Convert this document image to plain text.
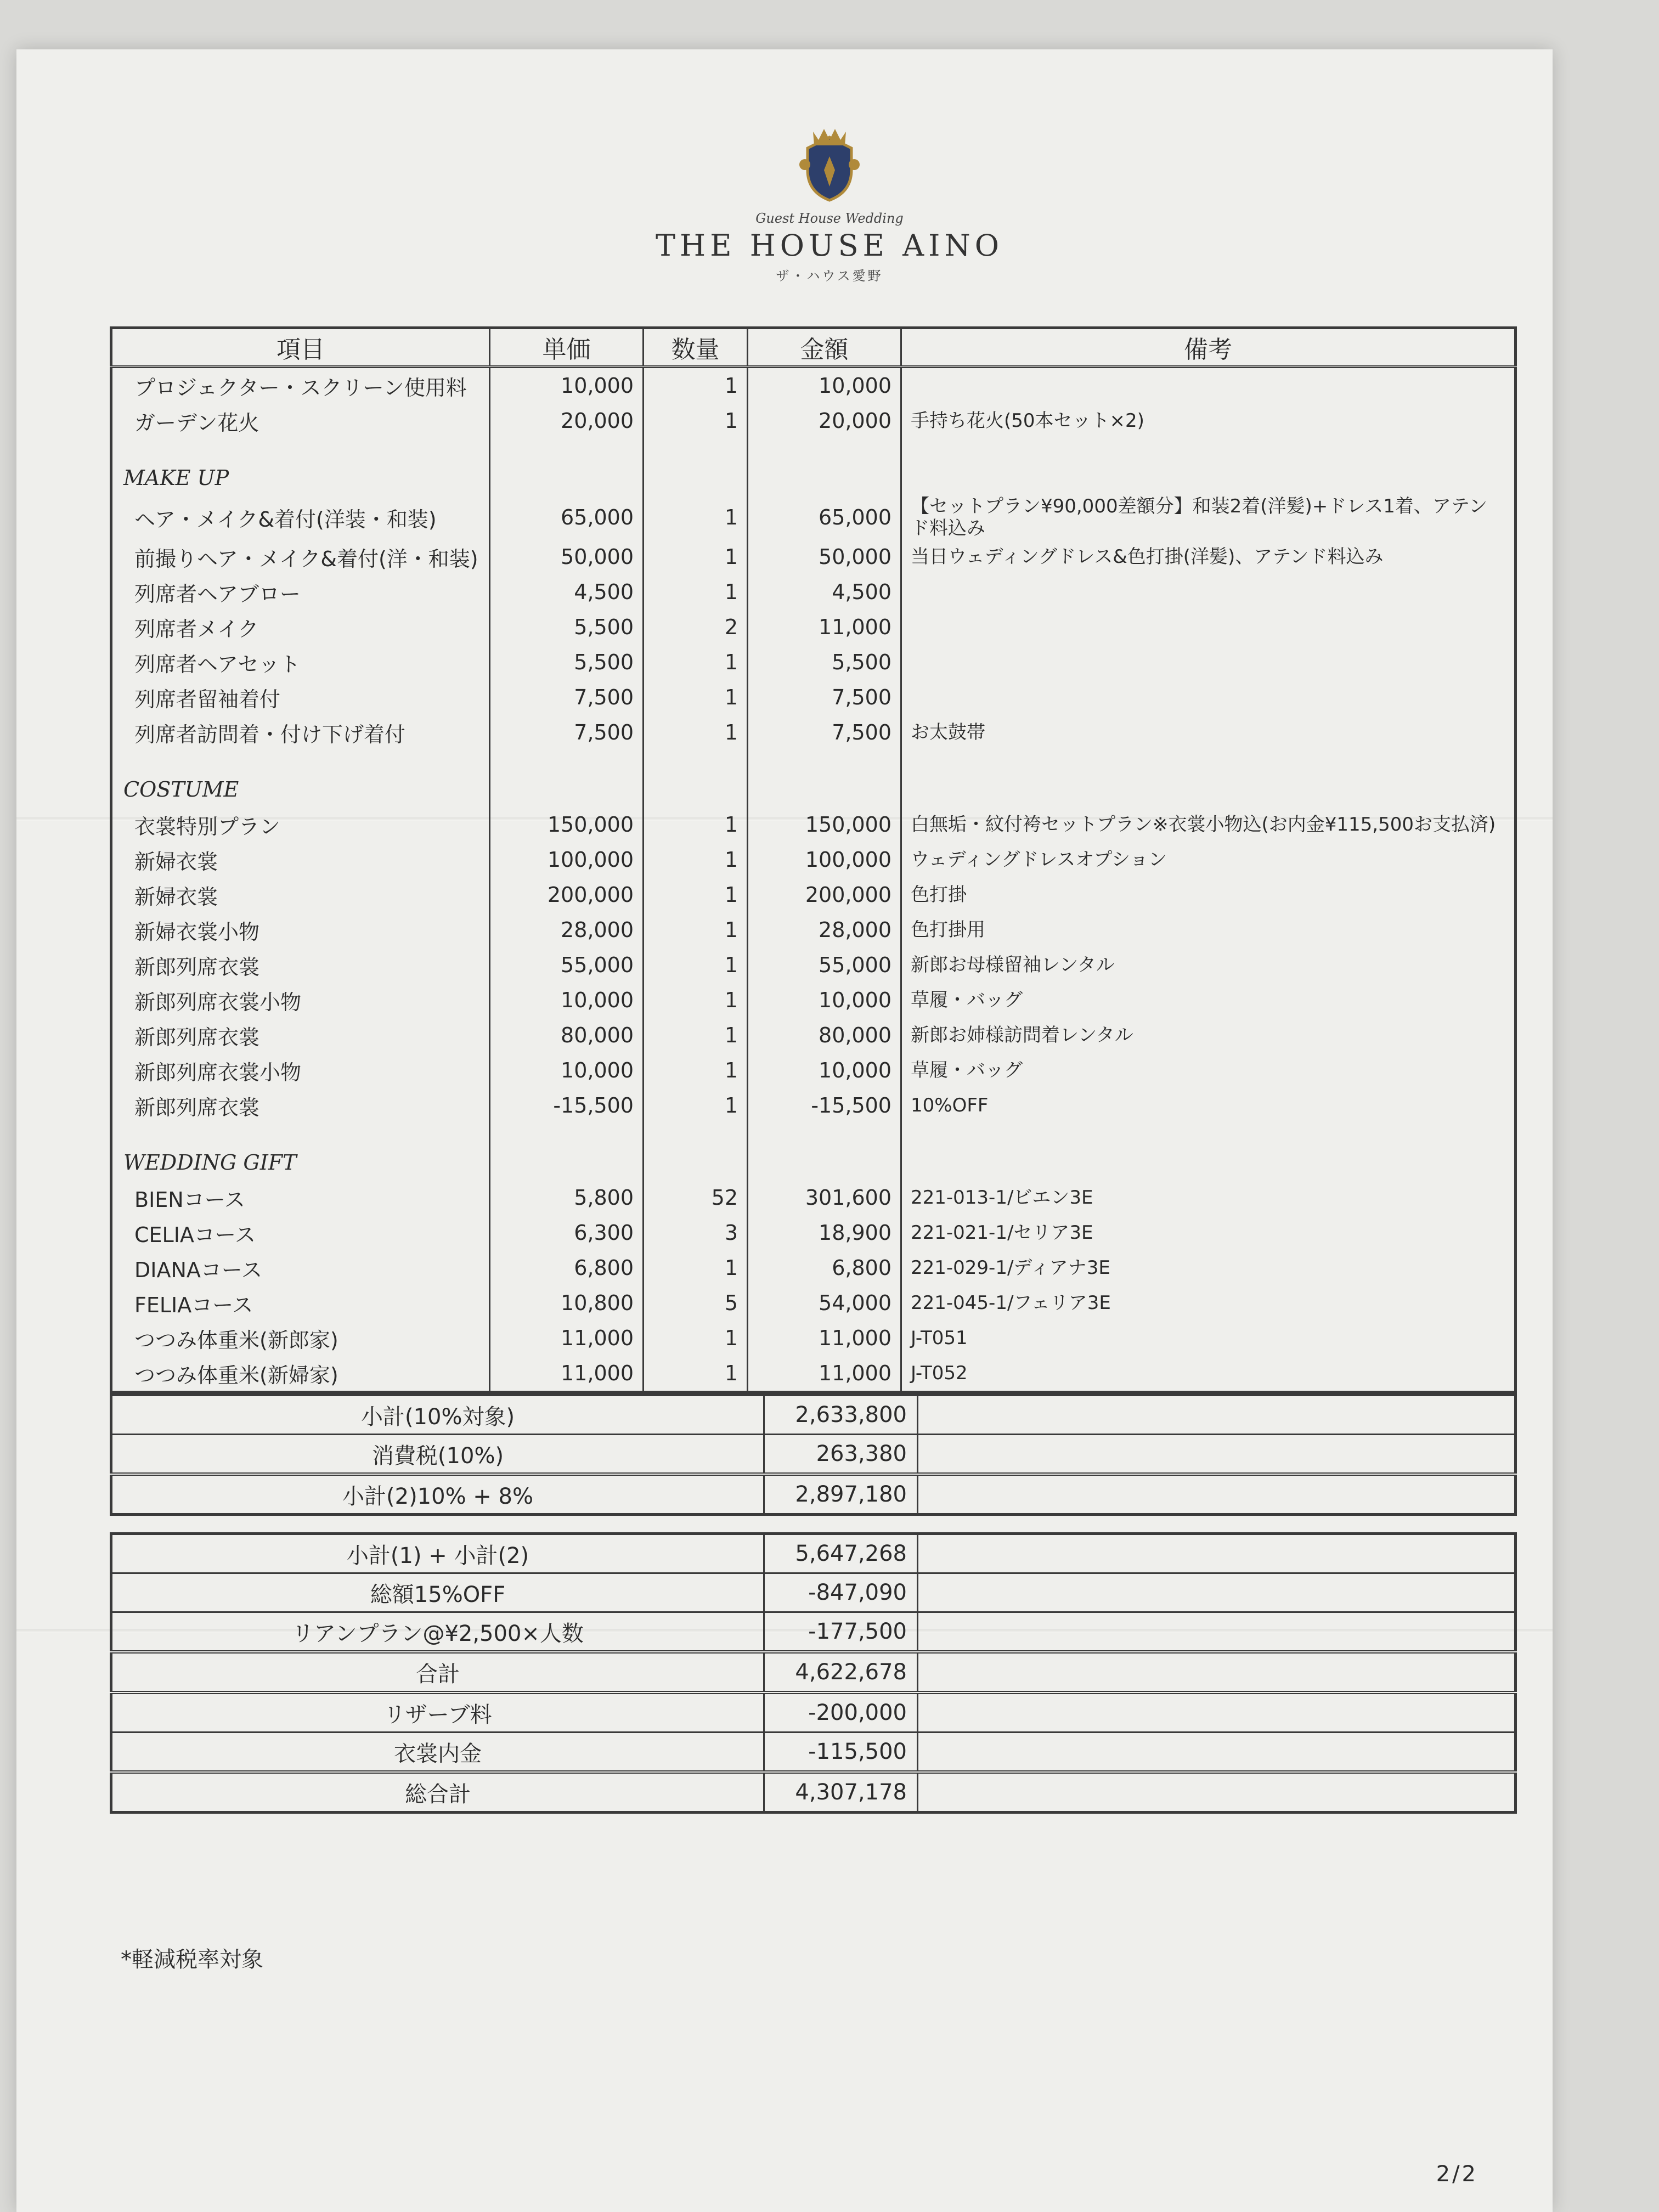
Guest House Wedding
THE HOUSE AINO
ザ・ハウス愛野
項目	単価	数量	金額	備考
プロジェクター・スクリーン使用料	10,000	1	10,000	
ガーデン花火	20,000	1	20,000	手持ち花火(50本セット×2)

MAKE UP				
ヘア・メイク&着付(洋装・和装)	65,000	1	65,000	【セットプラン¥90,000差額分】和装2着(洋髪)+ドレス1着、アテンド料込み
前撮りヘア・メイク&着付(洋・和装)	50,000	1	50,000	当日ウェディングドレス&色打掛(洋髪)、アテンド料込み
列席者ヘアブロー	4,500	1	4,500	
列席者メイク	5,500	2	11,000	
列席者ヘアセット	5,500	1	5,500	
列席者留袖着付	7,500	1	7,500	
列席者訪問着・付け下げ着付	7,500	1	7,500	お太鼓帯

COSTUME				
衣裳特別プラン	150,000	1	150,000	白無垢・紋付袴セットプラン※衣裳小物込(お内金¥115,500お支払済)
新婦衣裳	100,000	1	100,000	ウェディングドレスオプション
新婦衣裳	200,000	1	200,000	色打掛
新婦衣裳小物	28,000	1	28,000	色打掛用
新郎列席衣裳	55,000	1	55,000	新郎お母様留袖レンタル
新郎列席衣裳小物	10,000	1	10,000	草履・バッグ
新郎列席衣裳	80,000	1	80,000	新郎お姉様訪問着レンタル
新郎列席衣裳小物	10,000	1	10,000	草履・バッグ
新郎列席衣裳	-15,500	1	-15,500	10%OFF

WEDDING GIFT				
BIENコース	5,800	52	301,600	221-013-1/ビエン3E
CELIAコース	6,300	3	18,900	221-021-1/セリア3E
DIANAコース	6,800	1	6,800	221-029-1/ディアナ3E
FELIAコース	10,800	5	54,000	221-045-1/フェリア3E
つつみ体重米(新郎家)	11,000	1	11,000	J-T051
つつみ体重米(新婦家)	11,000	1	11,000	J-T052
小計(10%対象)	2,633,800	
消費税(10%)	263,380	
小計(2)10% + 8%	2,897,180	
小計(1) + 小計(2)	5,647,268	
総額15%OFF	-847,090	
リアンプラン@¥2,500×人数	-177,500	
合計	4,622,678	
リザーブ料	-200,000	
衣裳内金	-115,500	
総合計	4,307,178	
*軽減税率対象
2/2
